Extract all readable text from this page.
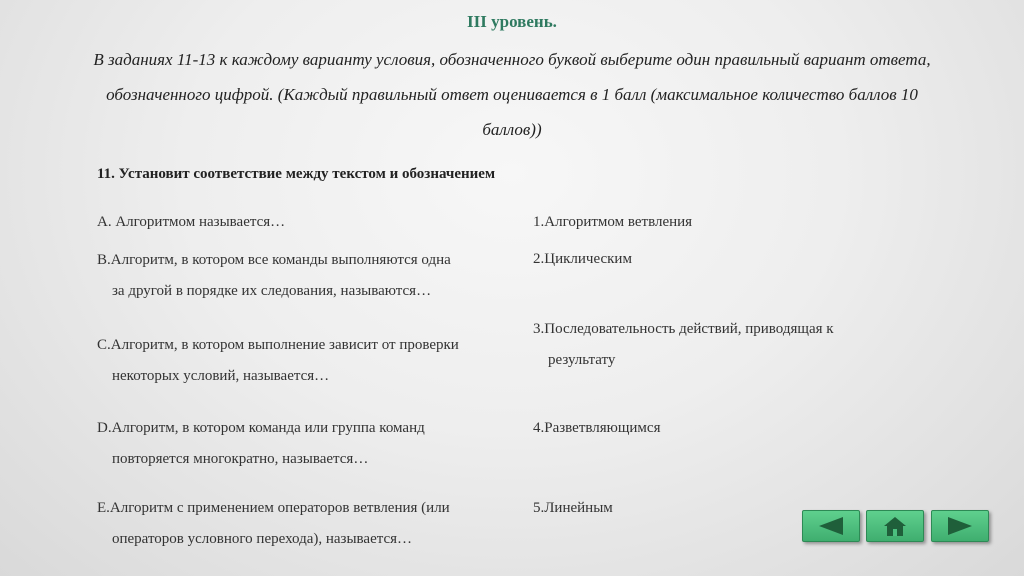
III уровень.
В заданиях 11-13 к каждому варианту условия, обозначенного буквой выберите один правильный вариант ответа,
обозначенного цифрой. (Каждый правильный ответ оценивается в 1 балл (максимальное количество баллов 10
баллов))
11. Установит соответствие между текстом и обозначением
A. Алгоритмом называется…
B.Алгоритм, в котором все команды выполняются одна
за другой в порядке их следования, называются…
C.Алгоритм, в котором выполнение зависит от проверки
некоторых условий, называется…
D.Алгоритм, в котором команда или группа команд
повторяется многократно, называется…
E.Алгоритм с применением операторов ветвления (или
операторов условного перехода), называется…
1.Алгоритмом ветвления
2.Циклическим
3.Последовательность действий, приводящая к
результату
4.Разветвляющимся
5.Линейным
